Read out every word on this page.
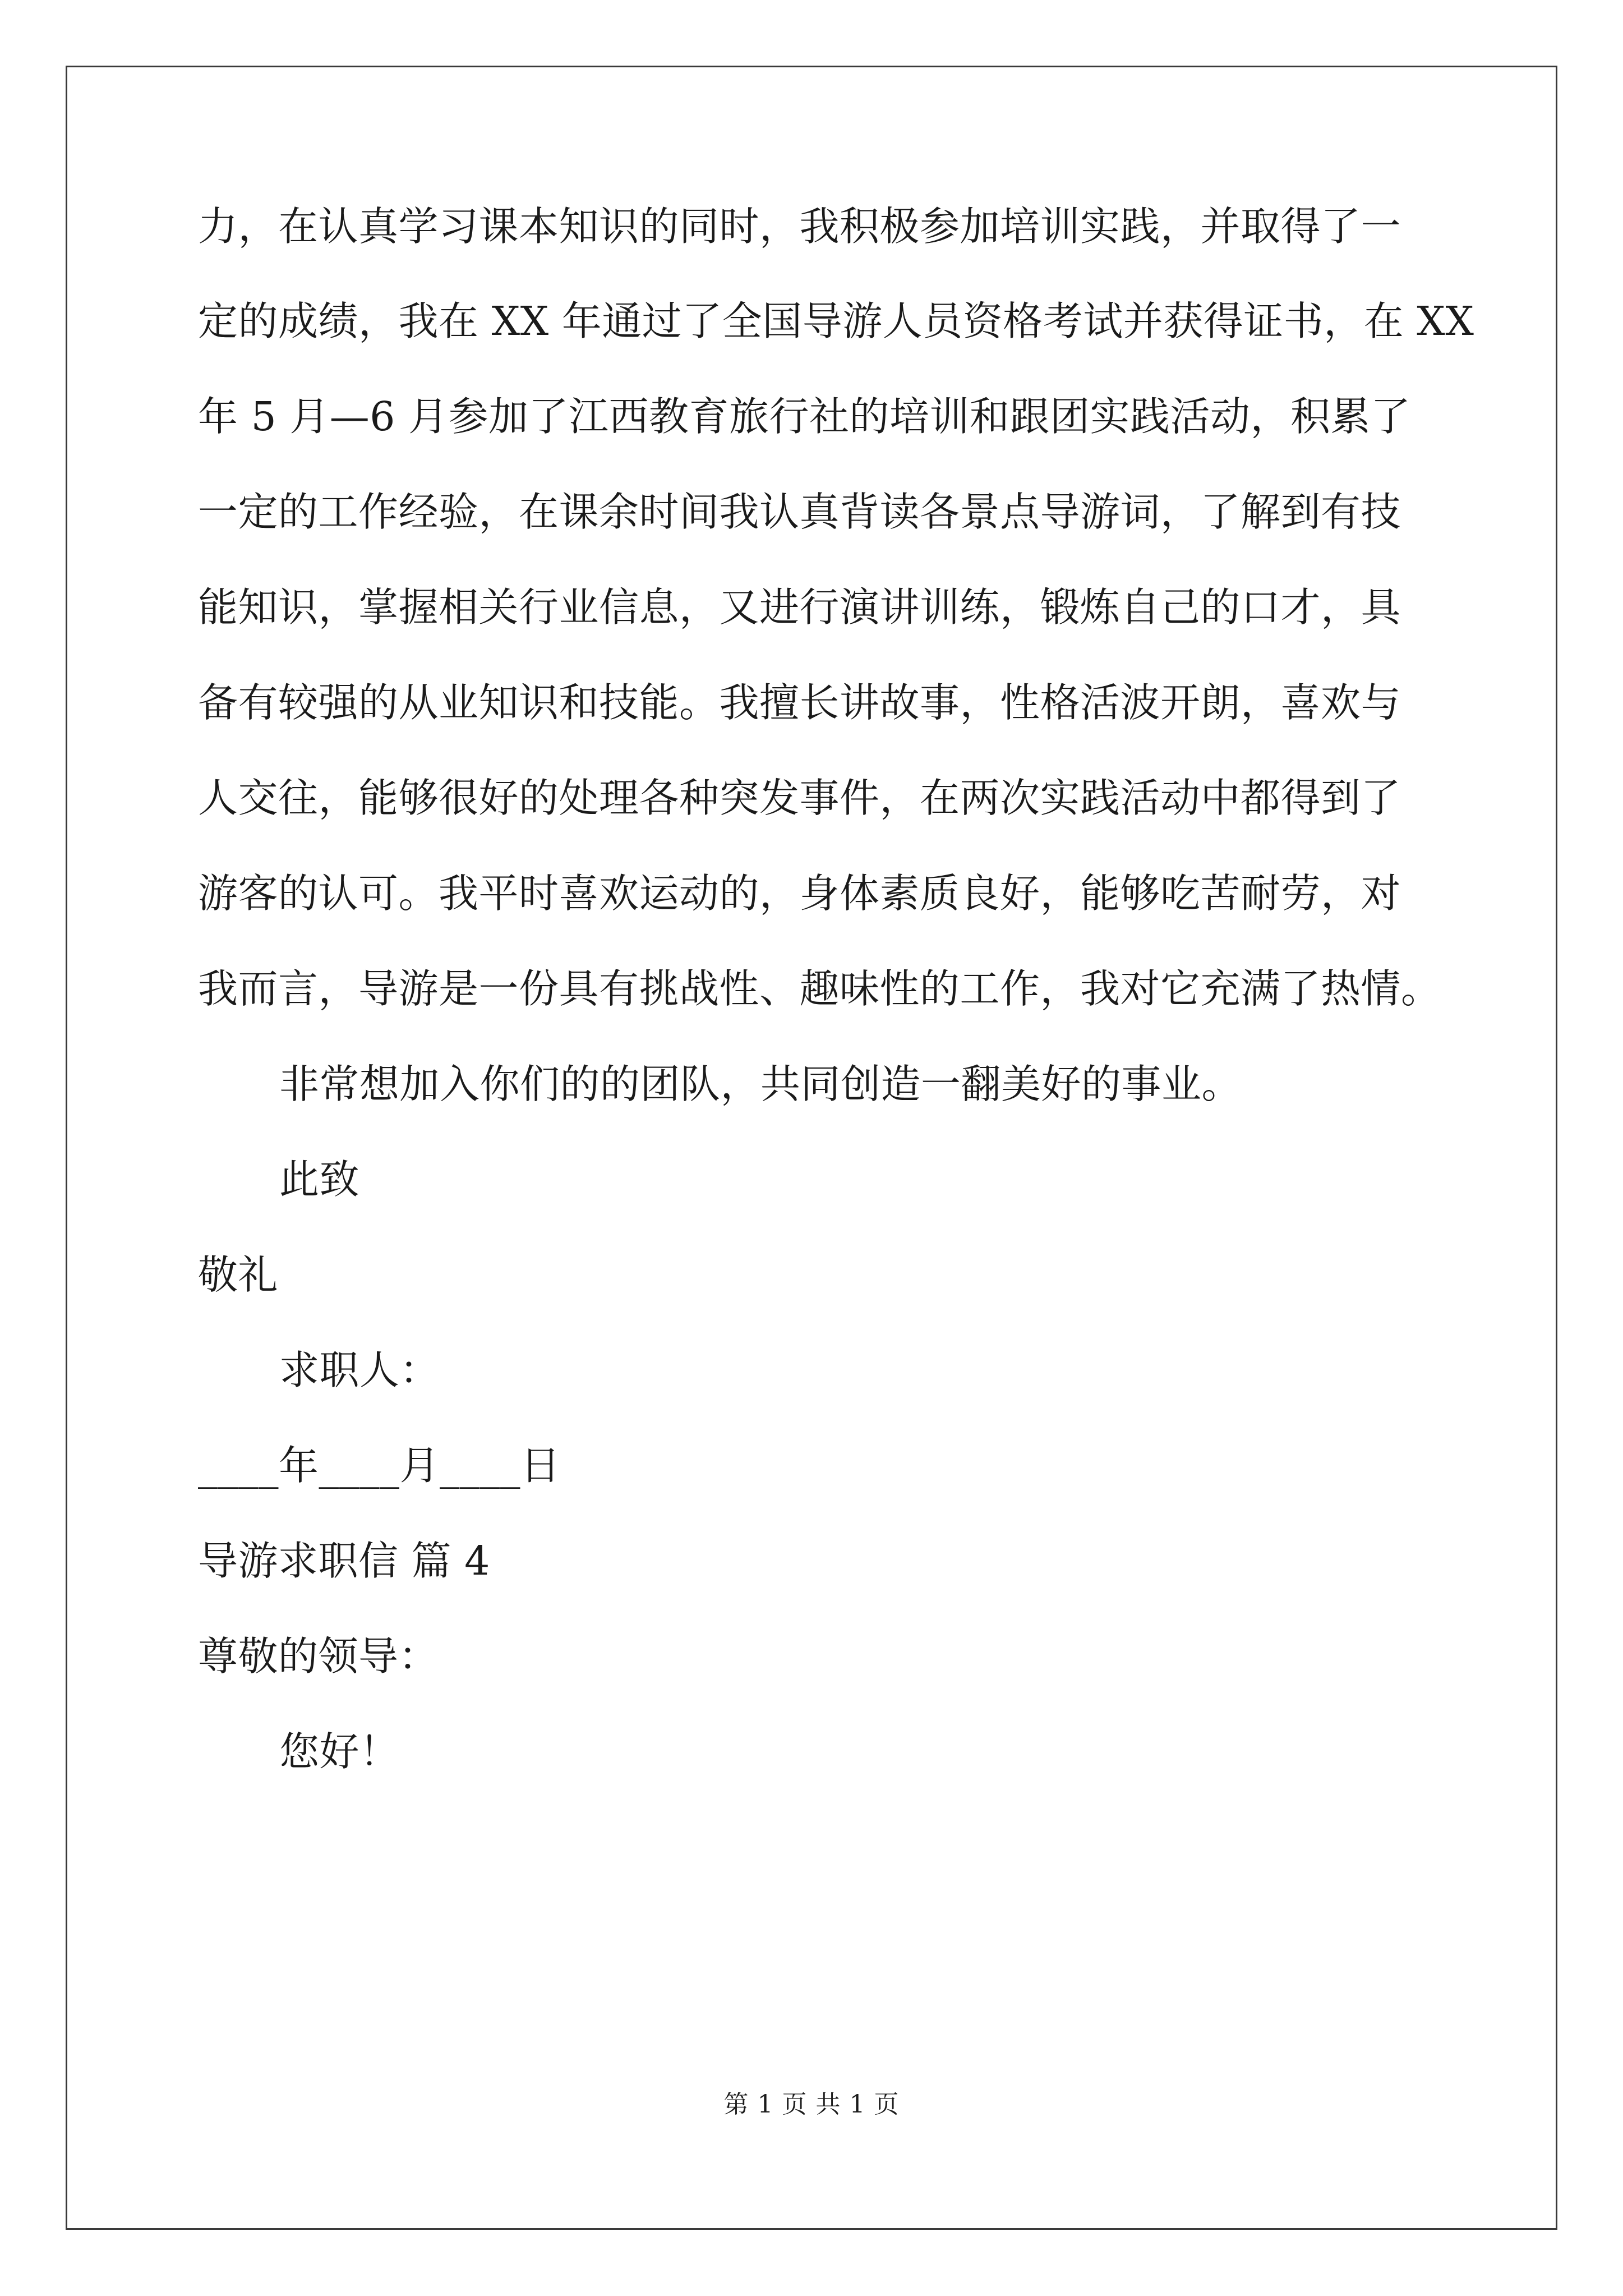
力，在认真学习课本知识的同时，我积极参加培训实践，并取得了一
定的成绩，我在 XX 年通过了全国导游人员资格考试并获得证书，在 XX
年 5 月—6 月参加了江西教育旅行社的培训和跟团实践活动，积累了
一定的工作经验，在课余时间我认真背读各景点导游词，了解到有技
能知识，掌握相关行业信息，又进行演讲训练，锻炼自己的口才，具
备有较强的从业知识和技能。我擅长讲故事，性格活波开朗，喜欢与
人交往，能够很好的处理各种突发事件，在两次实践活动中都得到了
游客的认可。我平时喜欢运动的，身体素质良好，能够吃苦耐劳，对
我而言，导游是一份具有挑战性、趣味性的工作，我对它充满了热情。
非常想加入你们的的团队，共同创造一翻美好的事业。
此致
敬礼
求职人：
____年____月____日
导游求职信 篇 4
尊敬的领导：
您好！
第 1 页 共 1 页
